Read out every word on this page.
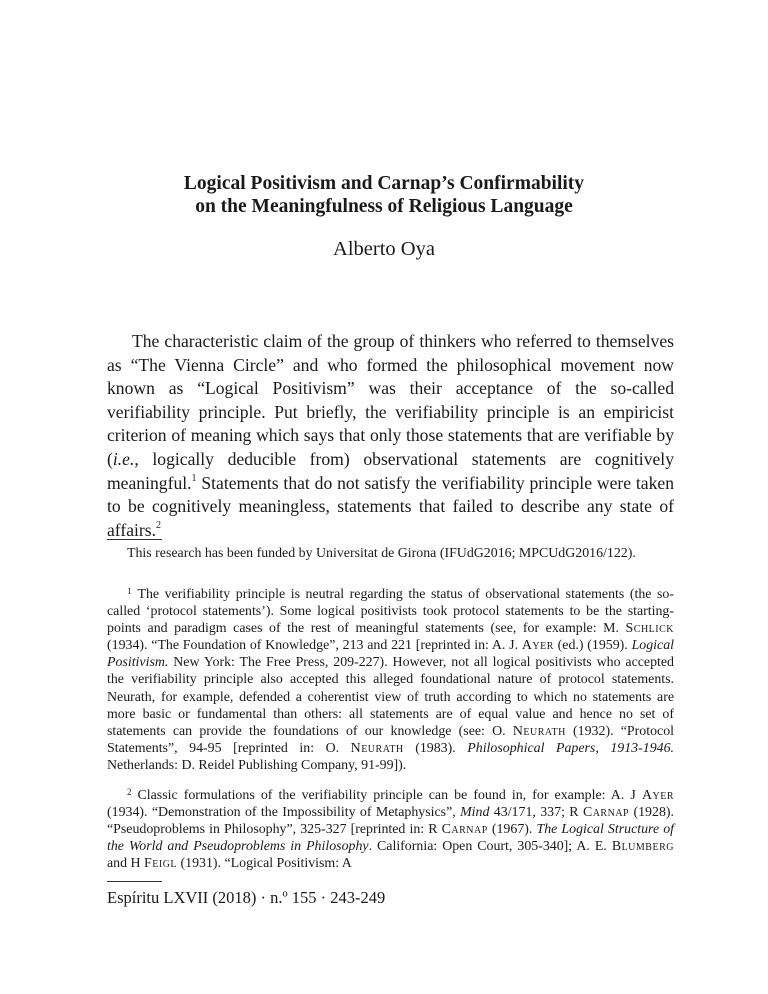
Logical Positivism and Carnap’s Confirmability
on the Meaningfulness of Religious Language
Alberto Oya

The characteristic claim of the group of thinkers who referred to themselves as “The Vienna Circle” and who formed the philosophical movement now known as “Logical Positivism” was their acceptance of the so-called verifiability principle. Put briefly, the verifiability principle is an empiricist criterion of meaning which says that only those statements that are verifiable by (i.e., logically deducible from) observational statements are cognitively meaningful.$^1$ Statements that do not satisfy the verifiability principle were taken to be cognitively meaningless, statements that failed to describe any state of affairs.$^2$

This research has been funded by Universitat de Girona (IFUdG2016; MPCUdG2016/122).

$^1$ The verifiability principle is neutral regarding the status of observational statements (the so-called ‘protocol statements’). Some logical positivists took protocol statements to be the starting-points and paradigm cases of the rest of meaningful statements (see, for example: M. Schlick (1934). “The Foundation of Knowledge”, 213 and 221 [reprinted in: A. J. Ayer (ed.) (1959). Logical Positivism. New York: The Free Press, 209-227). However, not all logical positivists who accepted the verifiability principle also accepted this alleged foundational nature of protocol statements. Neurath, for example, defended a coherentist view of truth according to which no statements are more basic or fundamental than others: all statements are of equal value and hence no set of statements can provide the foundations of our knowledge (see: O. Neurath (1932). “Protocol Statements”, 94-95 [reprinted in: O. Neurath (1983). Philosophical Papers, 1913-1946. Netherlands: D. Reidel Publishing Company, 91-99]).

$^2$ Classic formulations of the verifiability principle can be found in, for example: A. J Ayer (1934). “Demonstration of the Impossibility of Metaphysics”, Mind 43/171, 337; R Carnap (1928). “Pseudoproblems in Philosophy”, 325-327 [reprinted in: R Carnap (1967). The Logical Structure of the World and Pseudoproblems in Philosophy. California: Open Court, 305-340]; A. E. Blumberg and H Feigl (1931). “Logical Positivism: A

Espíritu LXVII (2018) · n.º 155 · 243-249
